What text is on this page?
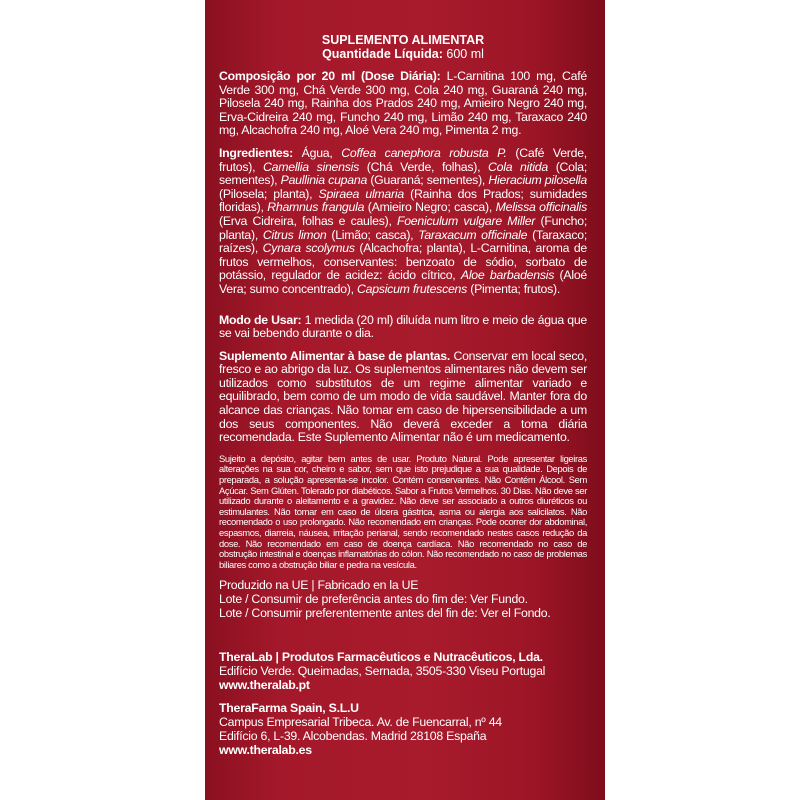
SUPLEMENTO ALIMENTAR
Quantidade Líquida: 600 ml

Composição por 20 ml (Dose Diária): L-Carnitina 100 mg, Café Verde 300 mg, Chá Verde 300 mg, Cola 240 mg, Guaraná 240 mg, Pilosela 240 mg, Rainha dos Prados 240 mg, Amieiro Negro 240 mg, Erva-Cidreira 240 mg, Funcho 240 mg, Limão 240 mg, Taraxaco 240 mg, Alcachofra 240 mg, Aloé Vera 240 mg, Pimenta 2 mg.

Ingredientes: Água, Coffea canephora robusta P. (Café Verde, frutos), Camellia sinensis (Chá Verde, folhas), Cola nitida (Cola; sementes), Paullinia cupana (Guaraná; sementes), Hieracium pilosella (Pilosela; planta), Spiraea ulmaria (Rainha dos Prados; sumidades floridas), Rhamnus frangula (Amieiro Negro; casca), Melissa officinalis (Erva Cidreira, folhas e caules), Foeniculum vulgare Miller (Funcho; planta), Citrus limon (Limão; casca), Taraxacum officinale (Taraxaco; raízes), Cynara scolymus (Alcachofra; planta), L-Carnitina, aroma de frutos vermelhos, conservantes: benzoato de sódio, sorbato de potássio, regulador de acidez: ácido cítrico, Aloe barbadensis (Aloé Vera; sumo concentrado), Capsicum frutescens (Pimenta; frutos).

Modo de Usar: 1 medida (20 ml) diluída num litro e meio de água que se vai bebendo durante o dia.

Suplemento Alimentar à base de plantas. Conservar em local seco, fresco e ao abrigo da luz. Os suplementos alimentares não devem ser utilizados como substitutos de um regime alimentar variado e equilibrado, bem como de um modo de vida saudável. Manter fora do alcance das crianças. Não tomar em caso de hipersensibilidade a um dos seus componentes. Não deverá exceder a toma diária recomendada. Este Suplemento Alimentar não é um medicamento.

Sujeito a depósito, agitar bem antes de usar. Produto Natural. Pode apresentar ligeiras alterações na sua cor, cheiro e sabor, sem que isto prejudique a sua qualidade. Depois de preparada, a solução apresenta-se incolor. Contém conservantes. Não Contém Álcool. Sem Açúcar. Sem Glúten. Tolerado por diabéticos. Sabor a Frutos Vermelhos. 30 Dias. Não deve ser utilizado durante o aleitamento e a gravidez. Não deve ser associado a outros diuréticos ou estimulantes. Não tomar em caso de úlcera gástrica, asma ou alergia aos salicilatos. Não recomendado o uso prolongado. Não recomendado em crianças. Pode ocorrer dor abdominal, espasmos, diarreia, náusea, irritação perianal, sendo recomendado nestes casos redução da dose. Não recomendado em caso de doença cardíaca. Não recomendado no caso de obstrução intestinal e doenças inflamatórias do cólon. Não recomendado no caso de problemas biliares como a obstrução biliar e pedra na vesícula.

Produzido na UE | Fabricado en la UE

Lote / Consumir de preferência antes do fim de: Ver Fundo.

Lote / Consumir preferentemente antes del fin de: Ver el Fondo.

TheraLab | Produtos Farmacêuticos e Nutracêuticos, Lda.

Edifício Verde. Queimadas, Sernada, 3505-330 Viseu Portugal

www.theralab.pt

TheraFarma Spain, S.L.U

Campus Empresarial Tribeca. Av. de Fuencarral, nº 44

Edifício 6, L-39. Alcobendas. Madrid 28108 España

www.theralab.es
